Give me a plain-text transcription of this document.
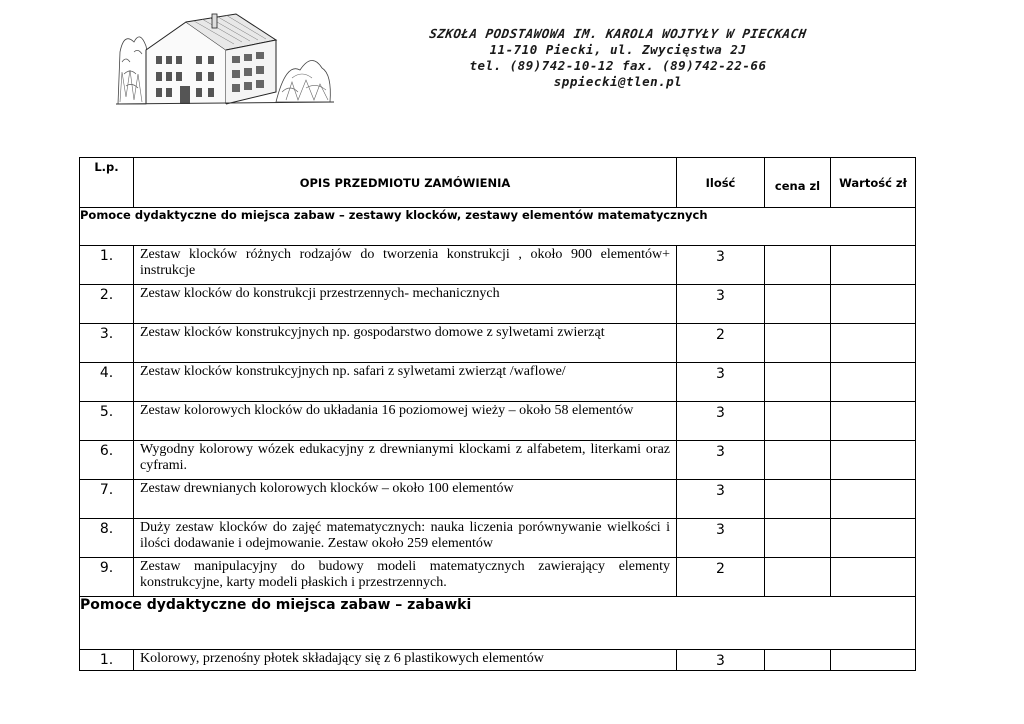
SZKOŁA PODSTAWOWA IM. KAROLA WOJTYŁY W PIECKACH
11-710 Piecki, ul. Zwycięstwa 2J
tel. (89)742-10-12 fax. (89)742-22-66
sppiecki@tlen.pl
L.p.	OPIS PRZEDMIOTU ZAMÓWIENIA	Ilość	cena zl	Wartość zł
Pomoce dydaktyczne do miejsca zabaw – zestawy klocków, zestawy elementów matematycznych				
1.	Zestaw klocków różnych rodzajów do tworzenia konstrukcji , około 900 elementów+ instrukcje	3		
2.	Zestaw klocków do konstrukcji przestrzennych- mechanicznych	3		
3.	Zestaw klocków konstrukcyjnych np. gospodarstwo domowe z sylwetami zwierząt	2		
4.	Zestaw klocków konstrukcyjnych np. safari z sylwetami zwierząt /waflowe/	3		
5.	Zestaw kolorowych klocków do układania 16 poziomowej wieży – około 58 elementów	3		
6.	Wygodny kolorowy wózek edukacyjny z drewnianymi klockami z alfabetem, literkami oraz cyframi.	3		
7.	Zestaw drewnianych kolorowych klocków – około 100 elementów	3		
8.	Duży zestaw klocków do zajęć matematycznych: nauka liczenia porównywanie wielkości i ilości dodawanie i odejmowanie. Zestaw około 259 elementów	3		
9.	Zestaw manipulacyjny do budowy modeli matematycznych zawierający elementy konstrukcyjne, karty modeli płaskich i przestrzennych.	2		
Pomoce dydaktyczne do miejsca zabaw – zabawki				
1.	Kolorowy, przenośny płotek składający się z 6 plastikowych elementów	3		
